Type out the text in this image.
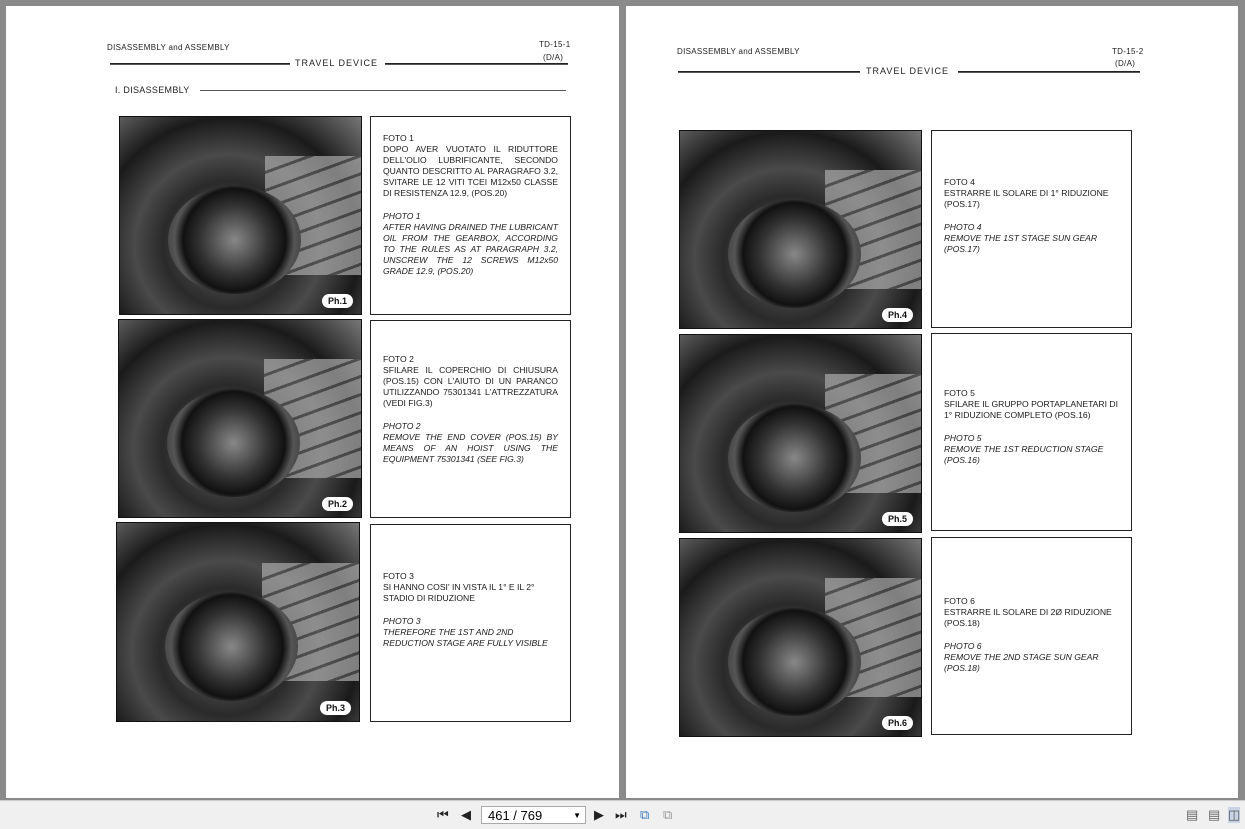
DISASSEMBLY and ASSEMBLY	TD-15-1
(D/A)
TRAVEL DEVICE
I. DISASSEMBLY
Ph.1
Ph.2
Ph.3

FOTO 1

DOPO AVER VUOTATO IL RIDUTTORE DELL'OLIO LUBRIFICANTE, SECONDO QUANTO DESCRITTO AL PARAGRAFO 3.2, SVITARE LE 12 VITI TCEI M12x50 CLASSE DI RESISTENZA 12.9, (POS.20)

PHOTO 1

AFTER HAVING DRAINED THE LUBRICANT OIL FROM THE GEARBOX, ACCORDING TO THE RULES AS AT PARAGRAPH 3.2, UNSCREW THE 12 SCREWS M12x50 GRADE 12.9, (POS.20)

FOTO 2

SFILARE IL COPERCHIO DI CHIUSURA (POS.15) CON L'AIUTO DI UN PARANCO UTILIZZANDO 75301341 L'ATTREZZATURA (VEDI FIG.3)

PHOTO 2

REMOVE THE END COVER (POS.15) BY MEANS OF AN HOIST USING THE EQUIPMENT 75301341 (SEE FIG.3)

FOTO 3

SI HANNO COSI' IN VISTA IL 1° E IL 2° STADIO DI RIDUZIONE

PHOTO 3

THEREFORE THE 1ST AND 2ND REDUCTION STAGE ARE FULLY VISIBLE

DISASSEMBLY and ASSEMBLY	TD-15-2
(D/A)
TRAVEL DEVICE
Ph.4
Ph.5
Ph.6

FOTO 4

ESTRARRE IL SOLARE DI 1° RIDUZIONE (POS.17)

PHOTO 4

REMOVE THE 1ST STAGE SUN GEAR (POS.17)

FOTO 5

SFILARE IL GRUPPO PORTAPLANETARI DI 1° RIDUZIONE COMPLETO (POS.16)

PHOTO 5

REMOVE THE 1ST REDUCTION STAGE (POS.16)

FOTO 6

ESTRARRE IL SOLARE DI 2Ø RIDUZIONE (POS.18)

PHOTO 6

REMOVE THE 2ND STAGE SUN GEAR (POS.18)

⏮ ◀	461 / 769	▼ ▶ ⏭ ⧉ ⧉	▤ ▤ ◫
